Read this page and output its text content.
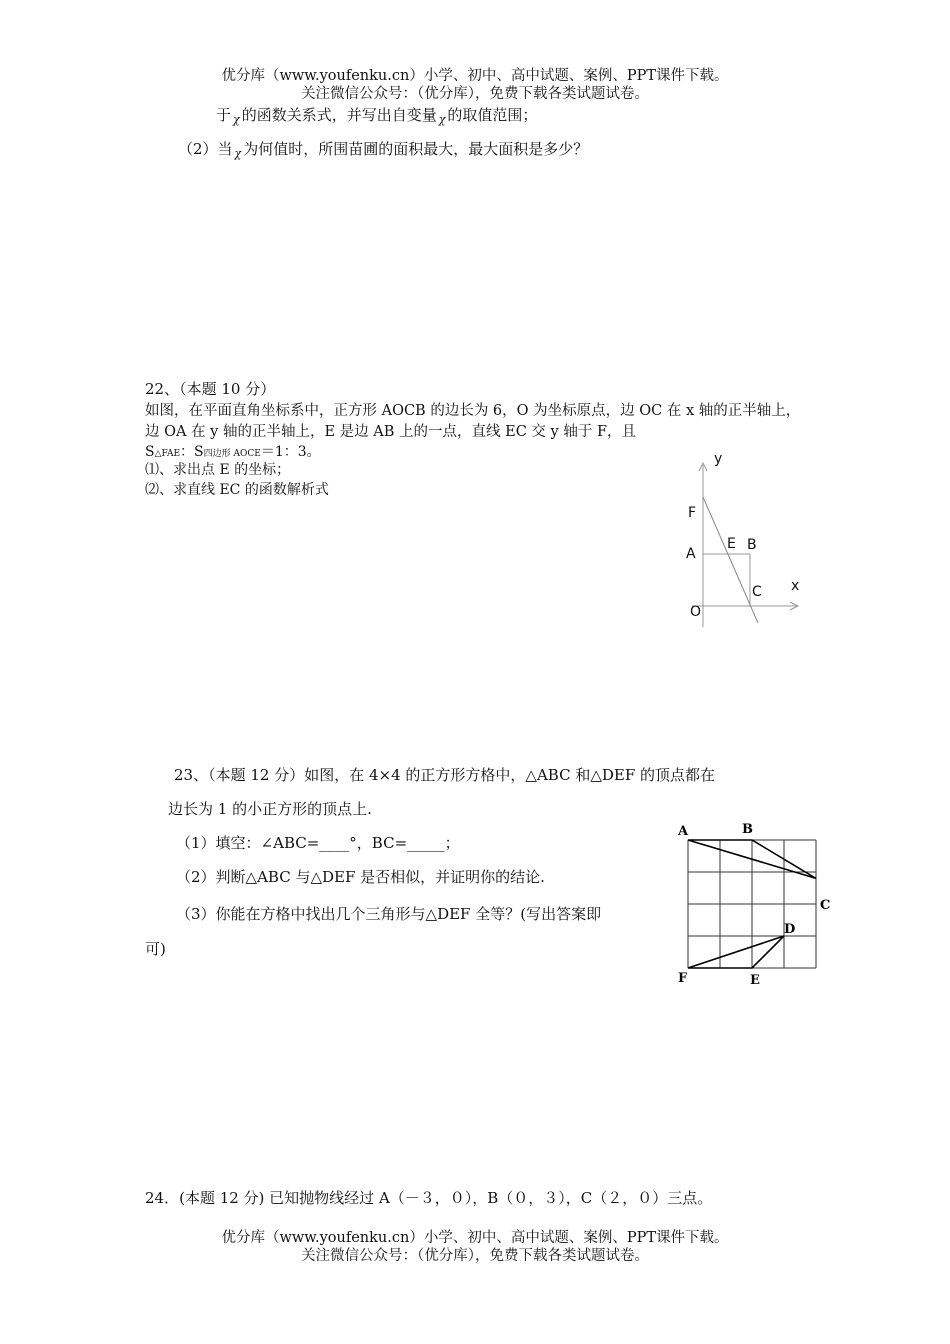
优分库（www.youfenku.cn）小学、初中、高中试题、案例、PPT课件下载。
关注微信公众号：（优分库），免费下载各类试题试卷。
于 $_\chi$ 的函数关系式，并写出自变量 $_\chi$ 的取值范围；
（2）当 $_\chi$ 为何值时，所围苗圃的面积最大，最大面积是多少？
22、（本题 10 分）
如图，在平面直角坐标系中，正方形 AOCB 的边长为 6，O 为坐标原点，边 OC 在 x 轴的正半轴上，
边 OA 在 y 轴的正半轴上，E 是边 AB 上的一点，直线 EC 交 y 轴于 F，且
S△FAE：S四边形 AOCE＝1：3。
⑴、求出点 E 的坐标；
⑵、求直线 EC 的函数解析式
y
x
F
E B
A
C
O
23、（本题 12 分）如图，在 4×4 的正方形方格中，△ABC 和△DEF 的顶点都在
边长为 1 的小正方形的顶点上.
（1）填空：∠ABC=____°，BC=_____；
（2）判断△ABC 与△DEF 是否相似，并证明你的结论.
（3）你能在方格中找出几个三角形与△DEF 全等？(写出答案即
可)
A	B
C
D
E
F
24．(本题 12 分) 已知抛物线经过 A（－３，０），B（０，３），C（２，０）三点。
优分库（www.youfenku.cn）小学、初中、高中试题、案例、PPT课件下载。
关注微信公众号：（优分库），免费下载各类试题试卷。
